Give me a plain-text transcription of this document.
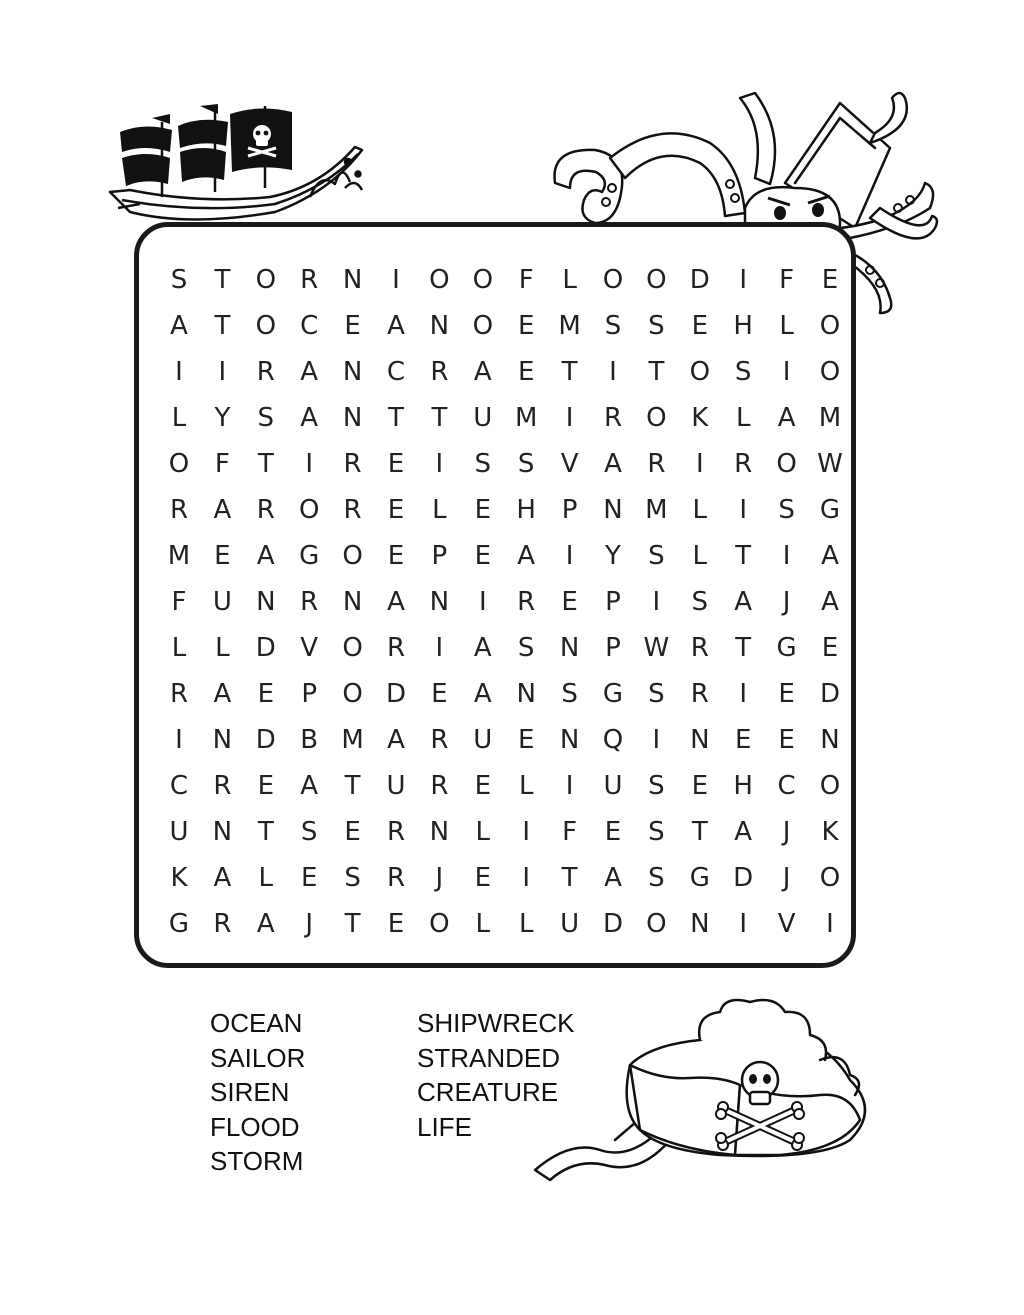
S	T O R N	I	O O F	L O O D	I	F	E
A	T O C	E	A N O E M S	S	E H	L O
I	I	R A N C R A	E	T	I	T O S	I	O
L	Y	S	A N T	T U M	I	R O K	L	A M
O F	T	I	R	E	I	S	S	V A R	I	R O W
R A R O R	E	L	E H P N M L	I	S G
M E	A G O E	P	E	A	I	Y	S	L	T	I	A
F	U N R N A N	I	R	E	P	I	S	A	J	A
L	L	D V O R	I	A	S N P W R	T G E
R A	E	P O D E	A N S G S	R	I	E D
I	N D B M A R U E N Q	I	N E	E N
C R	E	A	T U R	E	L	I	U S	E H C O
U N T	S	E	R N	L	I	F	E	S	T	A	J	K
K A	L	E	S	R	J	E	I	T	A	S G D	J	O
G R A	J	T	E O L	L	U D O N	I	V	I
OCEAN
SAILOR
SIREN
FLOOD
STORM
SHIPWRECK
STRANDED
CREATURE
LIFE
